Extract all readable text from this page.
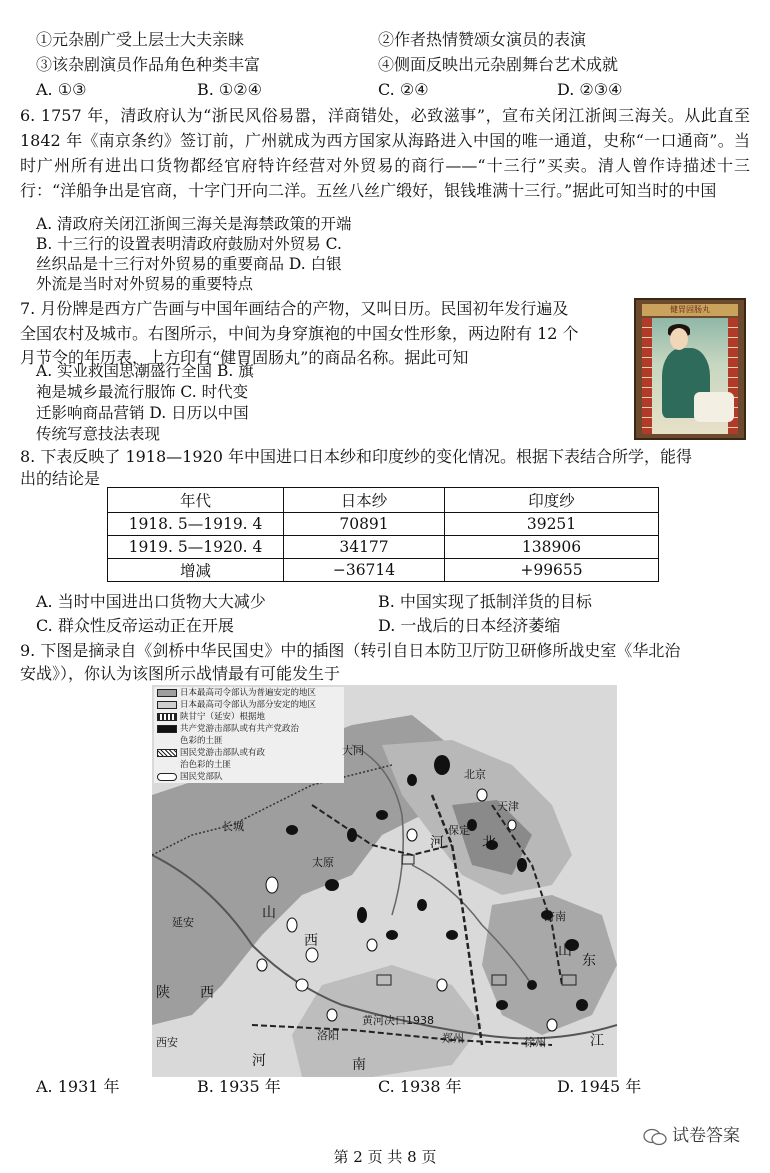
①元杂剧广受上层士大夫亲睐	②作者热情赞颂女演员的表演
③该杂剧演员作品角色种类丰富	④侧面反映出元杂剧舞台艺术成就
A. ①③	B. ①②④	C. ②④	D. ②③④
6. 1757 年，清政府认为“浙民风俗易嚣，洋商错处，必致滋事”，宣布关闭江浙闽三海关。从此直至 1842 年《南京条约》签订前，广州就成为西方国家从海路进入中国的唯一通道，史称“一口通商”。当时广州所有进出口货物都经官府特许经营对外贸易的商行——“十三行”买卖。清人曾作诗描述十三行：“洋船争出是官商，十字门开向二洋。五丝八丝广缎好，银钱堆满十三行。”据此可知当时的中国
A. 清政府关闭江浙闽三海关是海禁政策的开端
B. 十三行的设置表明清政府鼓励对外贸易 C.
丝织品是十三行对外贸易的重要商品 D. 白银
外流是当时对外贸易的重要特点
7. 月份牌是西方广告画与中国年画结合的产物，又叫日历。民国初年发行遍及
全国农村及城市。右图所示，中间为身穿旗袍的中国女性形象，两边附有 12 个
月节令的年历表，上方印有“健胃固肠丸”的商品名称。据此可知
A. 实业救国思潮盛行全国 B. 旗
袍是城乡最流行服饰 C. 时代变
迁影响商品营销 D. 日历以中国
传统写意技法表现
健胃固肠丸
8. 下表反映了 1918—1920 年中国进口日本纱和印度纱的变化情况。根据下表结合所学，能得
出的结论是
年代	日本纱	印度纱
1918. 5—1919. 4	70891	39251
1919. 5—1920. 4	34177	138906
增减	−36714	+99655
A. 当时中国进出口货物大大减少	B. 中国实现了抵制洋货的目标
C. 群众性反帝运动正在开展	D. 一战后的日本经济萎缩
9. 下图是摘录自《剑桥中华民国史》中的插图（转引自日本防卫厅防卫研修所战史室《华北治
安战》），你认为该图所示战情最有可能发生于
日本最高司令部认为普遍安定的地区
日本最高司令部认为部分安定的地区
陕甘宁（延安）根据地
共产党游击部队或有共产党政治
色彩的土匪
国民党游击部队或有政
治色彩的土匪
国民党部队
大同
北京
天津
保定
太原
延安	济南
西安
洛阳	郑州	徐州
长城
黄河决口1938
山
西
河	北
山
东
陕 西
河	南
江
A. 1931 年	B. 1935 年	C. 1938 年	D. 1945 年
试卷答案
第 2 页 共 8 页
